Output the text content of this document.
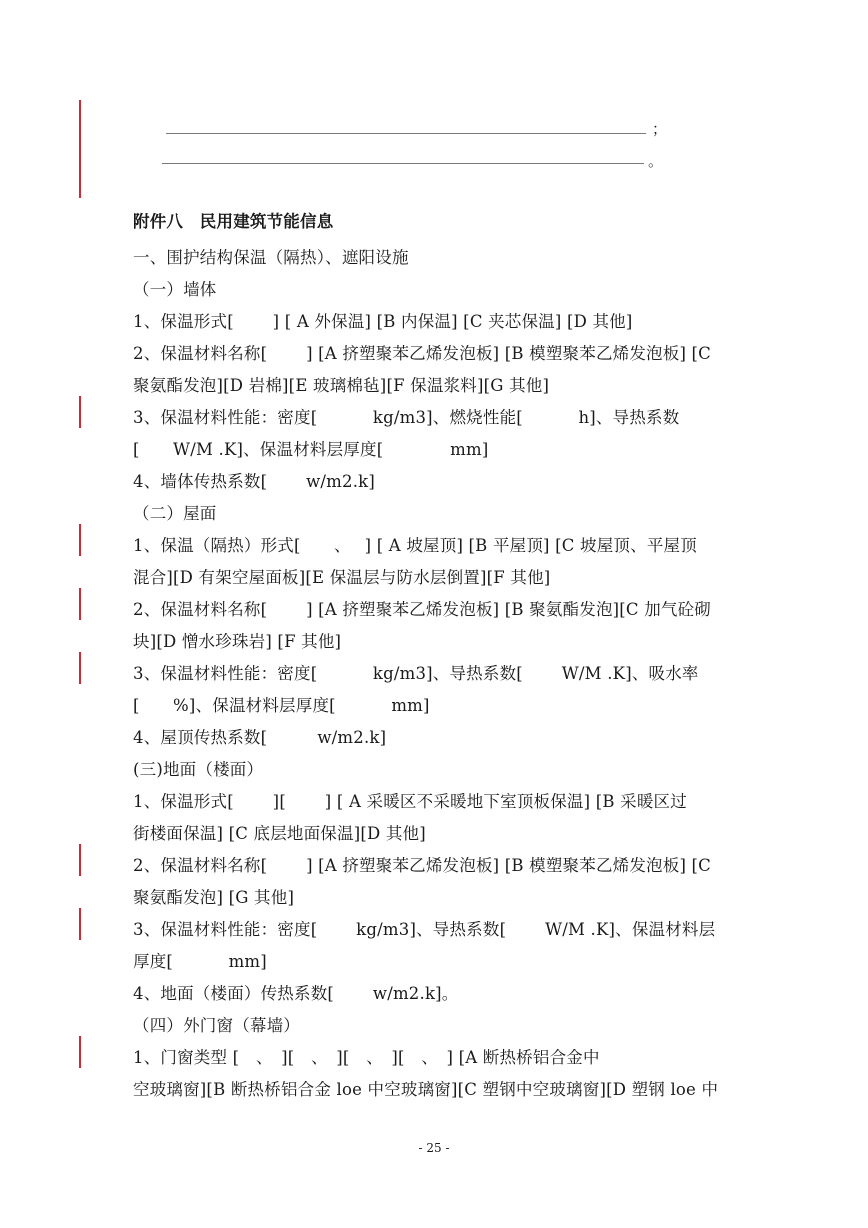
；
。
附件八　民用建筑节能信息
一、围护结构保温（隔热）、遮阳设施
（一）墙体
1、保温形式[　　 ] [ A 外保温] [B 内保温] [C 夹芯保温] [D 其他]
2、保温材料名称[　　 ] [A 挤塑聚苯乙烯发泡板] [B 模塑聚苯乙烯发泡板] [C
聚氨酯发泡][D 岩棉][E 玻璃棉毡][F 保温浆料][G 其他]
3、保温材料性能：密度[　　　 kg/m3]、燃烧性能[　　　 h]、导热系数
[　　W/M .K]、保温材料层厚度[　　　　mm]
4、墙体传热系数[　　 w/m2.k]
（二）屋面
1、保温（隔热）形式[　　、　 ] [ A 坡屋顶] [B 平屋顶] [C 坡屋顶、平屋顶
混合][D 有架空屋面板][E 保温层与防水层倒置][F 其他]
2、保温材料名称[　　 ] [A 挤塑聚苯乙烯发泡板] [B 聚氨酯发泡][C 加气砼砌
块][D 憎水珍珠岩] [F 其他]
3、保温材料性能：密度[　　　 kg/m3]、导热系数[　　 W/M .K]、吸水率
[　　%]、保温材料层厚度[　　　 mm]
4、屋顶传热系数[　　　w/m2.k]
(三)地面（楼面）
1、保温形式[　　 ][　　 ] [ A 采暖区不采暖地下室顶板保温] [B 采暖区过
街楼面保温] [C 底层地面保温][D 其他]
2、保温材料名称[　　 ] [A 挤塑聚苯乙烯发泡板] [B 模塑聚苯乙烯发泡板] [C
聚氨酯发泡] [G 其他]
3、保温材料性能：密度[　　 kg/m3]、导热系数[　　 W/M .K]、保温材料层
厚度[　　　 mm]
4、地面（楼面）传热系数[　　 w/m2.k]。
（四）外门窗（幕墙）
1、门窗类型 [　、　][　、　][　、　][　、　] [A 断热桥铝合金中
空玻璃窗][B 断热桥铝合金 loe 中空玻璃窗][C 塑钢中空玻璃窗][D 塑钢 loe 中
- 25 -
